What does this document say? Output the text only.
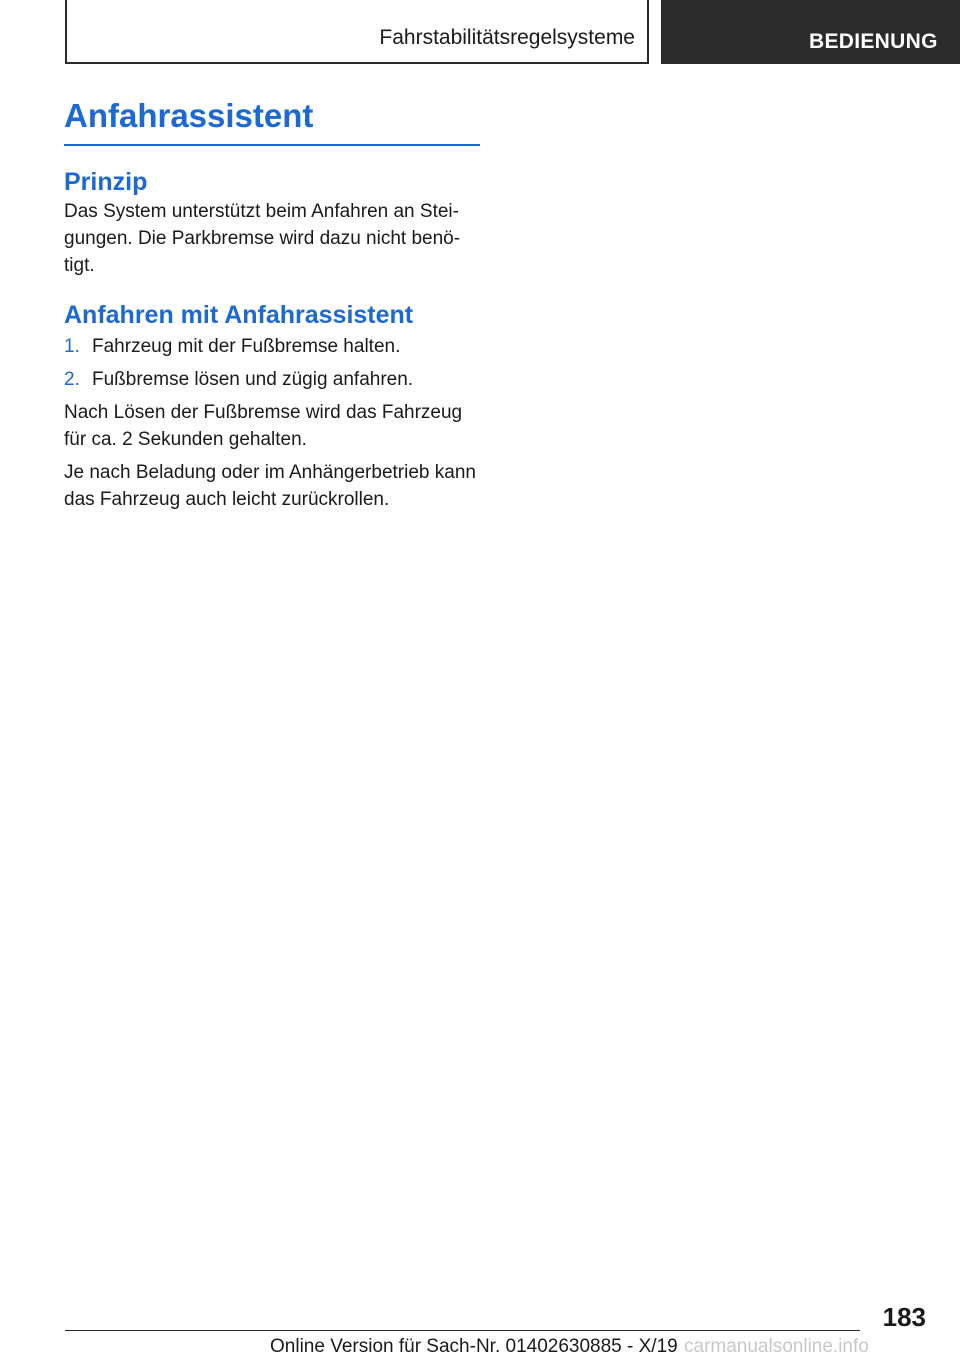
Fahrstabilitätsregelsysteme	BEDIENUNG
Anfahrassistent
Prinzip

Das System unterstützt beim Anfahren an Stei-
gungen. Die Parkbremse wird dazu nicht benö-
tigt.

Anfahren mit Anfahrassistent
1. Fahrzeug mit der Fußbremse halten.
2. Fußbremse lösen und zügig anfahren.

Nach Lösen der Fußbremse wird das Fahrzeug
für ca. 2 Sekunden gehalten.

Je nach Beladung oder im Anhängerbetrieb kann
das Fahrzeug auch leicht zurückrollen.

183
Online Version für Sach-Nr. 01402630885 - X/19 carmanualsonline.info
